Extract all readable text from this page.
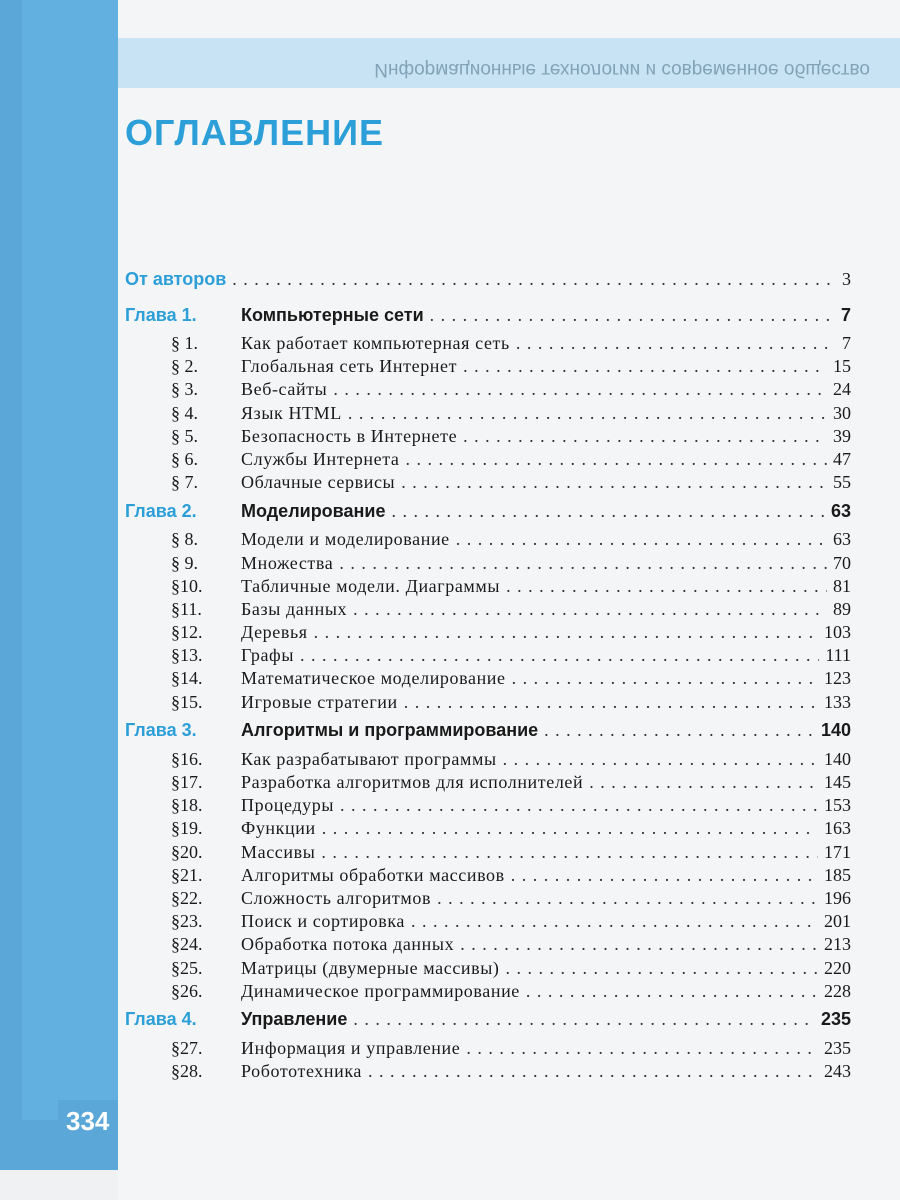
Информационные технологии и современное общество
ОГЛАВЛЕНИЕ
От авторов . . .	3
Глава 1.	Компьютерные сети . . .	7
§ 1.	Как работает компьютерная сеть . . .	7
§ 2.	Глобальная сеть Интернет . . .	15
§ 3.	Веб-сайты . . .	24
§ 4.	Язык HTML . . .	30
§ 5.	Безопасность в Интернете . . .	39
§ 6.	Службы Интернета . . .	47
§ 7.	Облачные сервисы . . .	55
Глава 2.	Моделирование . . .	63
§ 8.	Модели и моделирование . . .	63
§ 9.	Множества . . .	70
§10.	Табличные модели. Диаграммы . . .	81
§11.	Базы данных . . .	89
§12.	Деревья . . .	103
§13.	Графы . . .	111
§14.	Математическое моделирование . . .	123
§15.	Игровые стратегии . . .	133
Глава 3.	Алгоритмы и программирование . . .	140
§16.	Как разрабатывают программы . . .	140
§17.	Разработка алгоритмов для исполнителей . . .	145
§18.	Процедуры . . .	153
§19.	Функции . . .	163
§20.	Массивы . . .	171
§21.	Алгоритмы обработки массивов . . .	185
§22.	Сложность алгоритмов . . .	196
§23.	Поиск и сортировка . . .	201
§24.	Обработка потока данных . . .	213
§25.	Матрицы (двумерные массивы) . . .	220
§26.	Динамическое программирование . . .	228
Глава 4.	Управление . . .	235
§27.	Информация и управление . . .	235
§28.	Робототехника . . .	243
334
